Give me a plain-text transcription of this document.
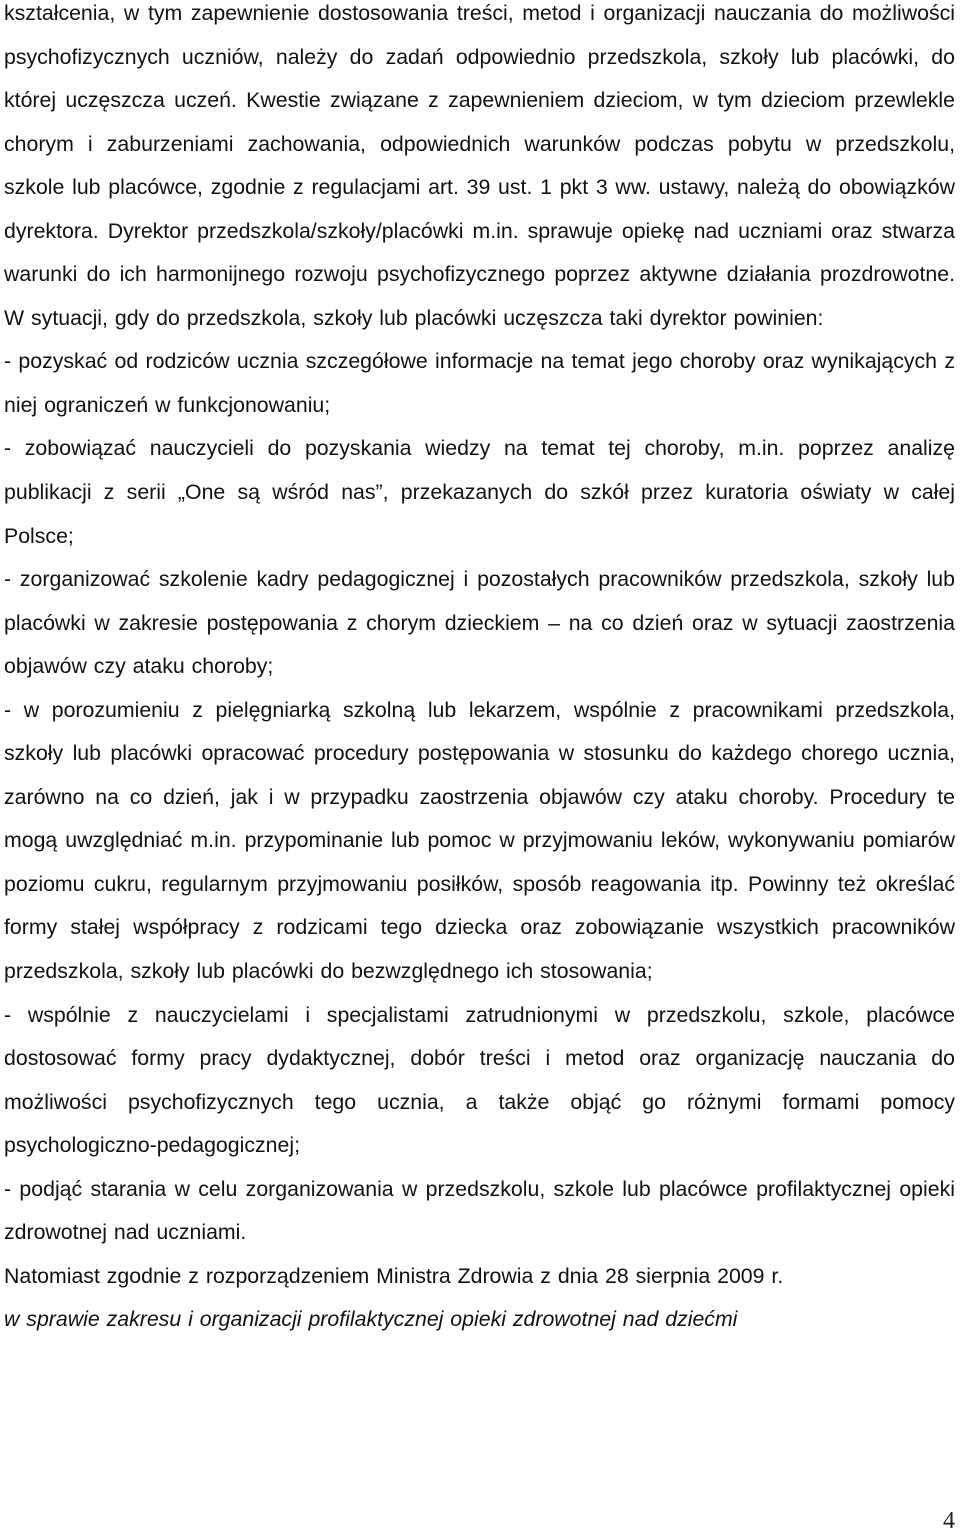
kształcenia, w tym zapewnienie dostosowania treści, metod i organizacji nauczania do możliwości psychofizycznych uczniów, należy do zadań odpowiednio przedszkola, szkoły lub placówki, do której uczęszcza uczeń. Kwestie związane z zapewnieniem dzieciom, w tym dzieciom przewlekle chorym i zaburzeniami zachowania, odpowiednich warunków podczas pobytu w przedszkolu, szkole lub placówce, zgodnie z regulacjami art. 39 ust. 1 pkt 3 ww. ustawy, należą do obowiązków dyrektora. Dyrektor przedszkola/szkoły/placówki m.in. sprawuje opiekę nad uczniami oraz stwarza warunki do ich harmonijnego rozwoju psychofizycznego poprzez aktywne działania prozdrowotne. W sytuacji, gdy do przedszkola, szkoły lub placówki uczęszcza taki dyrektor powinien:

- pozyskać od rodziców ucznia szczegółowe informacje na temat jego choroby oraz wynikających z niej ograniczeń w funkcjonowaniu;

- zobowiązać nauczycieli do pozyskania wiedzy na temat tej choroby, m.in. poprzez analizę publikacji z serii „One są wśród nas”, przekazanych do szkół przez kuratoria oświaty w całej Polsce;

- zorganizować szkolenie kadry pedagogicznej i pozostałych pracowników przedszkola, szkoły lub placówki w zakresie postępowania z chorym dzieckiem – na co dzień oraz w sytuacji zaostrzenia objawów czy ataku choroby;

- w porozumieniu z pielęgniarką szkolną lub lekarzem, wspólnie z pracownikami przedszkola, szkoły lub placówki opracować procedury postępowania w stosunku do każdego chorego ucznia, zarówno na co dzień, jak i w przypadku zaostrzenia objawów czy ataku choroby. Procedury te mogą uwzględniać m.in. przypominanie lub pomoc w przyjmowaniu leków, wykonywaniu pomiarów poziomu cukru, regularnym przyjmowaniu posiłków, sposób reagowania itp. Powinny też określać formy stałej współpracy z rodzicami tego dziecka oraz zobowiązanie wszystkich pracowników przedszkola, szkoły lub placówki do bezwzględnego ich stosowania;

- wspólnie z nauczycielami i specjalistami zatrudnionymi w przedszkolu, szkole, placówce dostosować formy pracy dydaktycznej, dobór treści i metod oraz organizację nauczania do możliwości psychofizycznych tego ucznia, a także objąć go różnymi formami pomocy psychologiczno-pedagogicznej;

- podjąć starania w celu zorganizowania w przedszkolu, szkole lub placówce profilaktycznej opieki zdrowotnej nad uczniami.

Natomiast zgodnie z rozporządzeniem Ministra Zdrowia z dnia 28 sierpnia 2009 r.

w sprawie zakresu i organizacji profilaktycznej opieki zdrowotnej nad dziećmi

4
